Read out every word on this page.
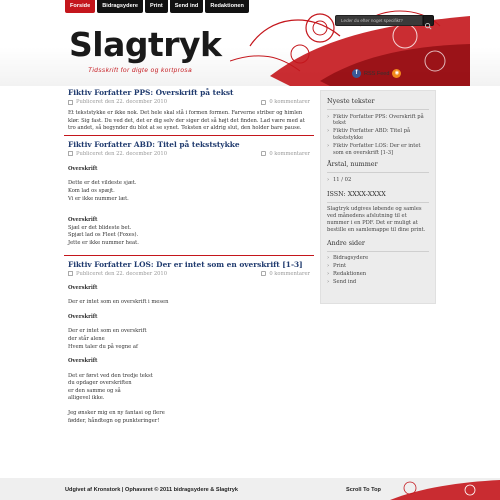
Slagtryk
Tidsskrift for digte og kortprosa
Leder du efter noget specifikt?
f	RSS Feed	◉
Forside	Bidragsydere	Print	Send ind	Redaktionen
Fiktiv Forfatter PPS: Overskrift på tekst
Publiceret den 22. december 2010	0 kommentarer
Et tekststykke er ikke nok. Det hele skal stå i formen formen. Farverne striber og himlen klør. Sig fast. Du ved det, det er dig selv der siger det så højt det finden. Lad være med at tro andet, så begynder du blot at se synet. Teksten er aldrig slut, den holder bare pause.
Fiktiv Forfatter ABD: Titel på tekststykke
Publiceret den 22. december 2010	0 kommentarer

Overskrift

Dette er det vildeste sjæt.
Kom lad os spæjt.
Vi er ikke nummer læt.

Overskrift

Sjæl er det blideste bet.
Spjæt lad os Fleet (Foxes).
Jette er ikke nummer heat.

Fiktiv Forfatter LOS: Der er intet som en overskrift [1-3]
Publiceret den 22. december 2010	0 kommentarer

Overskrift

Der er intet som en overskrift i mesen

Overskrift

Der er intet som en overskrift
der står alene
Hvem taler du på vegne af

Overskrift

Det er først ved den tredje tekst
du opdager overskriften
er den samme og så
alligevel ikke.

Jeg ønsker mig en ny fantasi og flere
fødder, håndtegn og punkteringer!

Nyeste tekster
› Fiktiv Forfatter PPS: Overskrift på tekst
› Fiktiv Forfatter ABD: Titel på tekststykke
› Fiktiv Forfatter LOS: Der er intet som en overskrift [1-3]
Årstal, nummer
› 11 / 02
ISSN: XXXX-XXXX
Slagtryk udgives løbende og samles ved månedens afslutning til et nummer i en PDF. Det er muligt at bestille en samlemappe til dine print.
Andre sider
› Bidragsydere
› Print
› Redaktionen
› Send ind
Udgivet af Kronstork | Ophavsret © 2011 bidragsydere & Slagtryk	Scroll To Top
